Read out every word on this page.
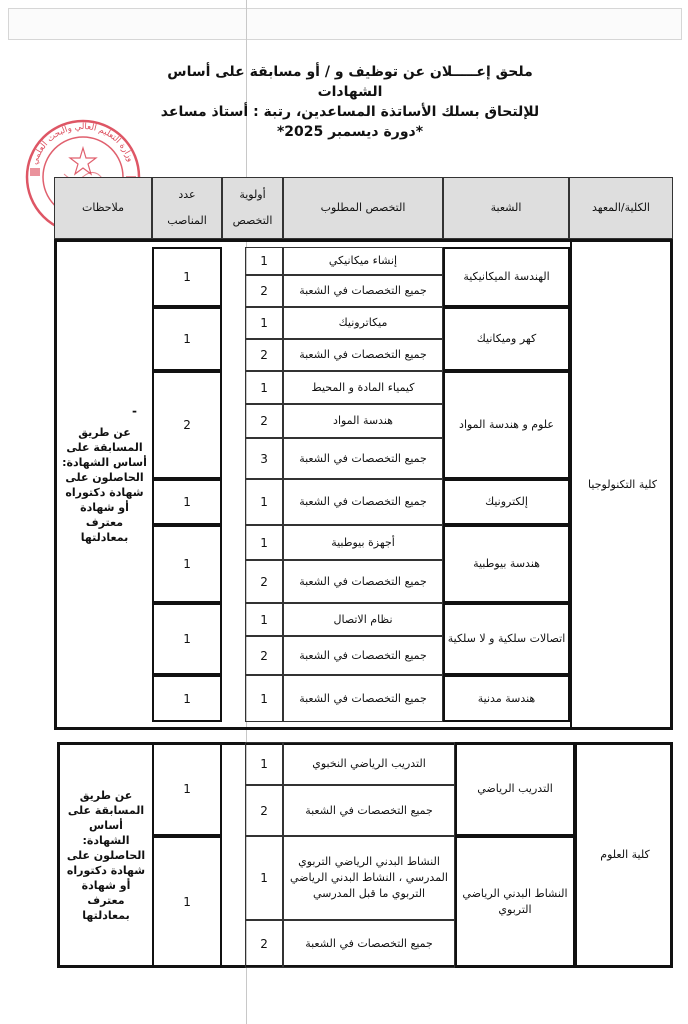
ملحق إعـــــلان عن توظيف و / أو مسابقة على أساس الشهادات
للإلتحاق بسلك الأساتذة المساعدين، رتبة : أستاذ مساعد
*دورة ديسمبر 2025*
وزارة التعليم العالي والبحث العلمي
الكلية/المعهد
الشعبة
التخصص المطلوب
أولوية
التخصص
عدد
المناصب
ملاحظات
كلية التكنولوجيا
عن طريق المسابقة على أساس الشهادة: الحاصلون على شهادة دكتوراه أو شهادة معترف بمعادلتها
-
الهندسة الميكانيكية
1
إنشاء ميكانيكي
1
جميع التخصصات في الشعبة
2
كهر وميكانيك
1
ميكاترونيك
1
جميع التخصصات في الشعبة
2
علوم و هندسة المواد
2
كيمياء المادة و المحيط
1
هندسة المواد
2
جميع التخصصات في الشعبة
3
إلكترونيك
1	جميع التخصصات في الشعبة
1
هندسة بيوطبية
1
أجهزة بيوطبية
1
جميع التخصصات في الشعبة
2
اتصالات سلكية و لا سلكية
1
نظام الاتصال
1
جميع التخصصات في الشعبة
2
هندسة مدنية
1	جميع التخصصات في الشعبة
1
كلية العلوم
عن طريق المسابقة على أساس الشهادة: الحاصلون على شهادة دكتوراه أو شهادة معترف بمعادلتها
التدريب الرياضي
1
التدريب الرياضي النخبوي
1
جميع التخصصات في الشعبة
2
النشاط البدني الرياضي التربوي
1
النشاط البدني الرياضي التربوي المدرسي ، النشاط البدني الرياضي التربوي ما قبل المدرسي
1
جميع التخصصات في الشعبة
2
